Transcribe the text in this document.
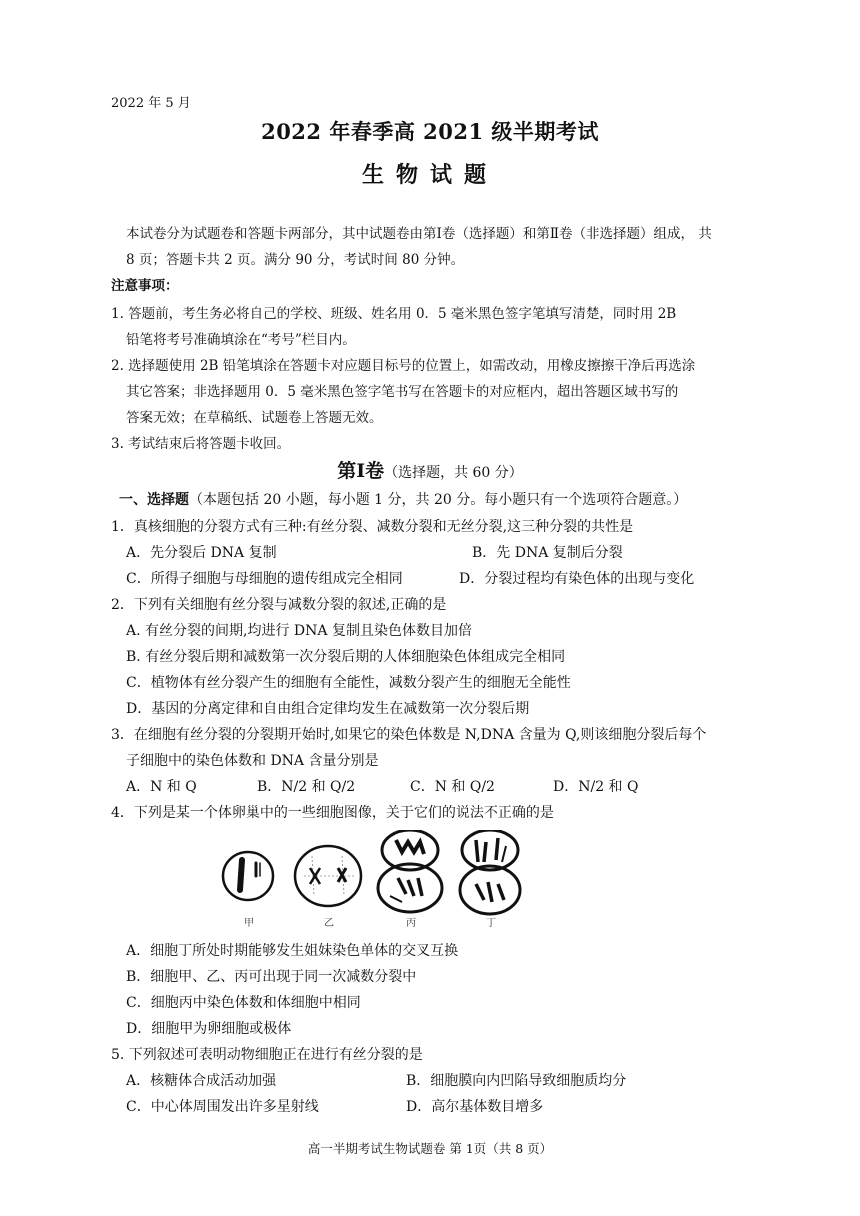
2022 年 5 月
2022 年春季高 2021 级半期考试
生物试题
本试卷分为试题卷和答题卡两部分，其中试题卷由第Ⅰ卷（选择题）和第Ⅱ卷（非选择题）组成， 共
8 页；答题卡共 2 页。满分 90 分，考试时间 80 分钟。
注意事项：
1. 答题前，考生务必将自己的学校、班级、姓名用 0．5 毫米黑色签字笔填写清楚，同时用 2B
铅笔将考号准确填涂在“考号”栏目内。
2. 选择题使用 2B 铅笔填涂在答题卡对应题目标号的位置上，如需改动，用橡皮擦擦干净后再选涂
其它答案；非选择题用 0．5 毫米黑色签字笔书写在答题卡的对应框内，超出答题区域书写的
答案无效；在草稿纸、试题卷上答题无效。
3. 考试结束后将答题卡收回。
第Ⅰ卷（选择题，共 60 分）
一、选择题（本题包括 20 小题，每小题 1 分，共 20 分。每小题只有一个选项符合题意。）
1．真核细胞的分裂方式有三种:有丝分裂、减数分裂和无丝分裂,这三种分裂的共性是
A．先分裂后 DNA 复制	B．先 DNA 复制后分裂
C．所得子细胞与母细胞的遗传组成完全相同	D．分裂过程均有染色体的出现与变化
2．下列有关细胞有丝分裂与减数分裂的叙述,正确的是
A. 有丝分裂的间期,均进行 DNA 复制且染色体数目加倍
B. 有丝分裂后期和减数第一次分裂后期的人体细胞染色体组成完全相同
C．植物体有丝分裂产生的细胞有全能性，减数分裂产生的细胞无全能性
D．基因的分离定律和自由组合定律均发生在减数第一次分裂后期
3．在细胞有丝分裂的分裂期开始时,如果它的染色体数是 N,DNA 含量为 Q,则该细胞分裂后每个
子细胞中的染色体数和 DNA 含量分别是
A．N 和 Q	B．N/2 和 Q/2	C．N 和 Q/2	D．N/2 和 Q
4．下列是某一个体卵巢中的一些细胞图像，关于它们的说法不正确的是
甲	乙	丙	丁
A．细胞丁所处时期能够发生姐妹染色单体的交叉互换
B．细胞甲、乙、丙可出现于同一次减数分裂中
C．细胞丙中染色体数和体细胞中相同
D．细胞甲为卵细胞或极体
5. 下列叙述可表明动物细胞正在进行有丝分裂的是
A．核糖体合成活动加强	B．细胞膜向内凹陷导致细胞质均分
C．中心体周围发出许多星射线	D．高尔基体数目增多
高一半期考试生物试题卷 第 1页（共 8 页）
